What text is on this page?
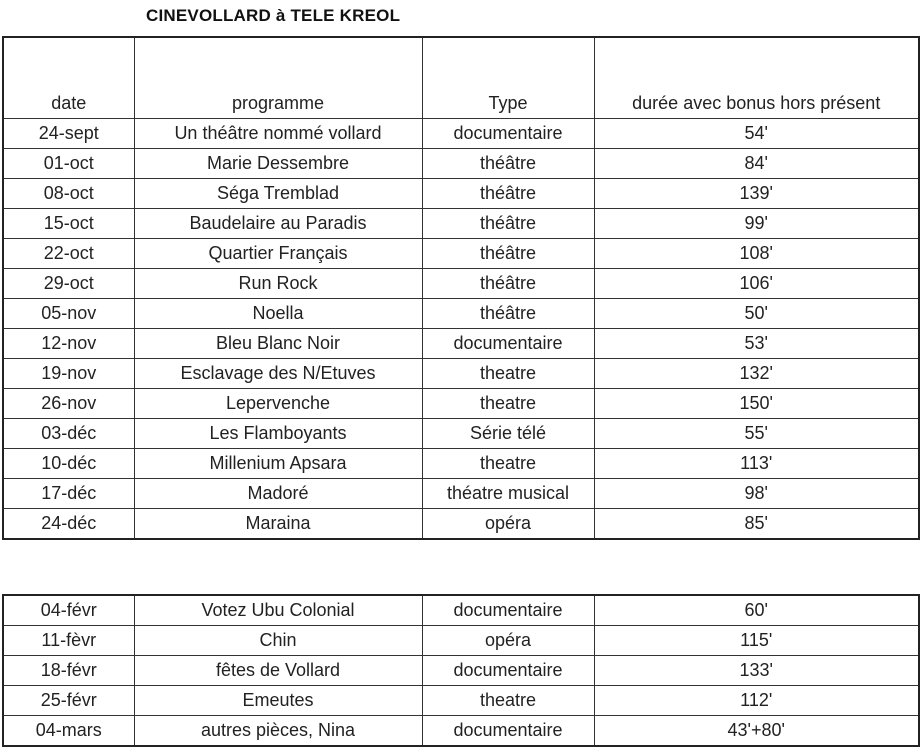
CINEVOLLARD à TELE KREOL
date	programme	Type	durée avec bonus hors présent
24-sept	Un théâtre nommé vollard	documentaire	54'
01-oct	Marie Dessembre	théâtre	84'
08-oct	Séga Tremblad	théâtre	139'
15-oct	Baudelaire au Paradis	théâtre	99'
22-oct	Quartier Français	théâtre	108'
29-oct	Run Rock	théâtre	106'
05-nov	Noella	théâtre	50'
12-nov	Bleu Blanc Noir	documentaire	53'
19-nov	Esclavage des N/Etuves	theatre	132'
26-nov	Lepervenche	theatre	150'
03-déc	Les Flamboyants	Série télé	55'
10-déc	Millenium Apsara	theatre	113'
17-déc	Madoré	théatre musical	98'
24-déc	Maraina	opéra	85'
04-févr	Votez Ubu Colonial	documentaire	60'
11-fèvr	Chin	opéra	115'
18-févr	fêtes de Vollard	documentaire	133'
25-févr	Emeutes	theatre	112'
04-mars	autres pièces, Nina	documentaire	43'+80'
